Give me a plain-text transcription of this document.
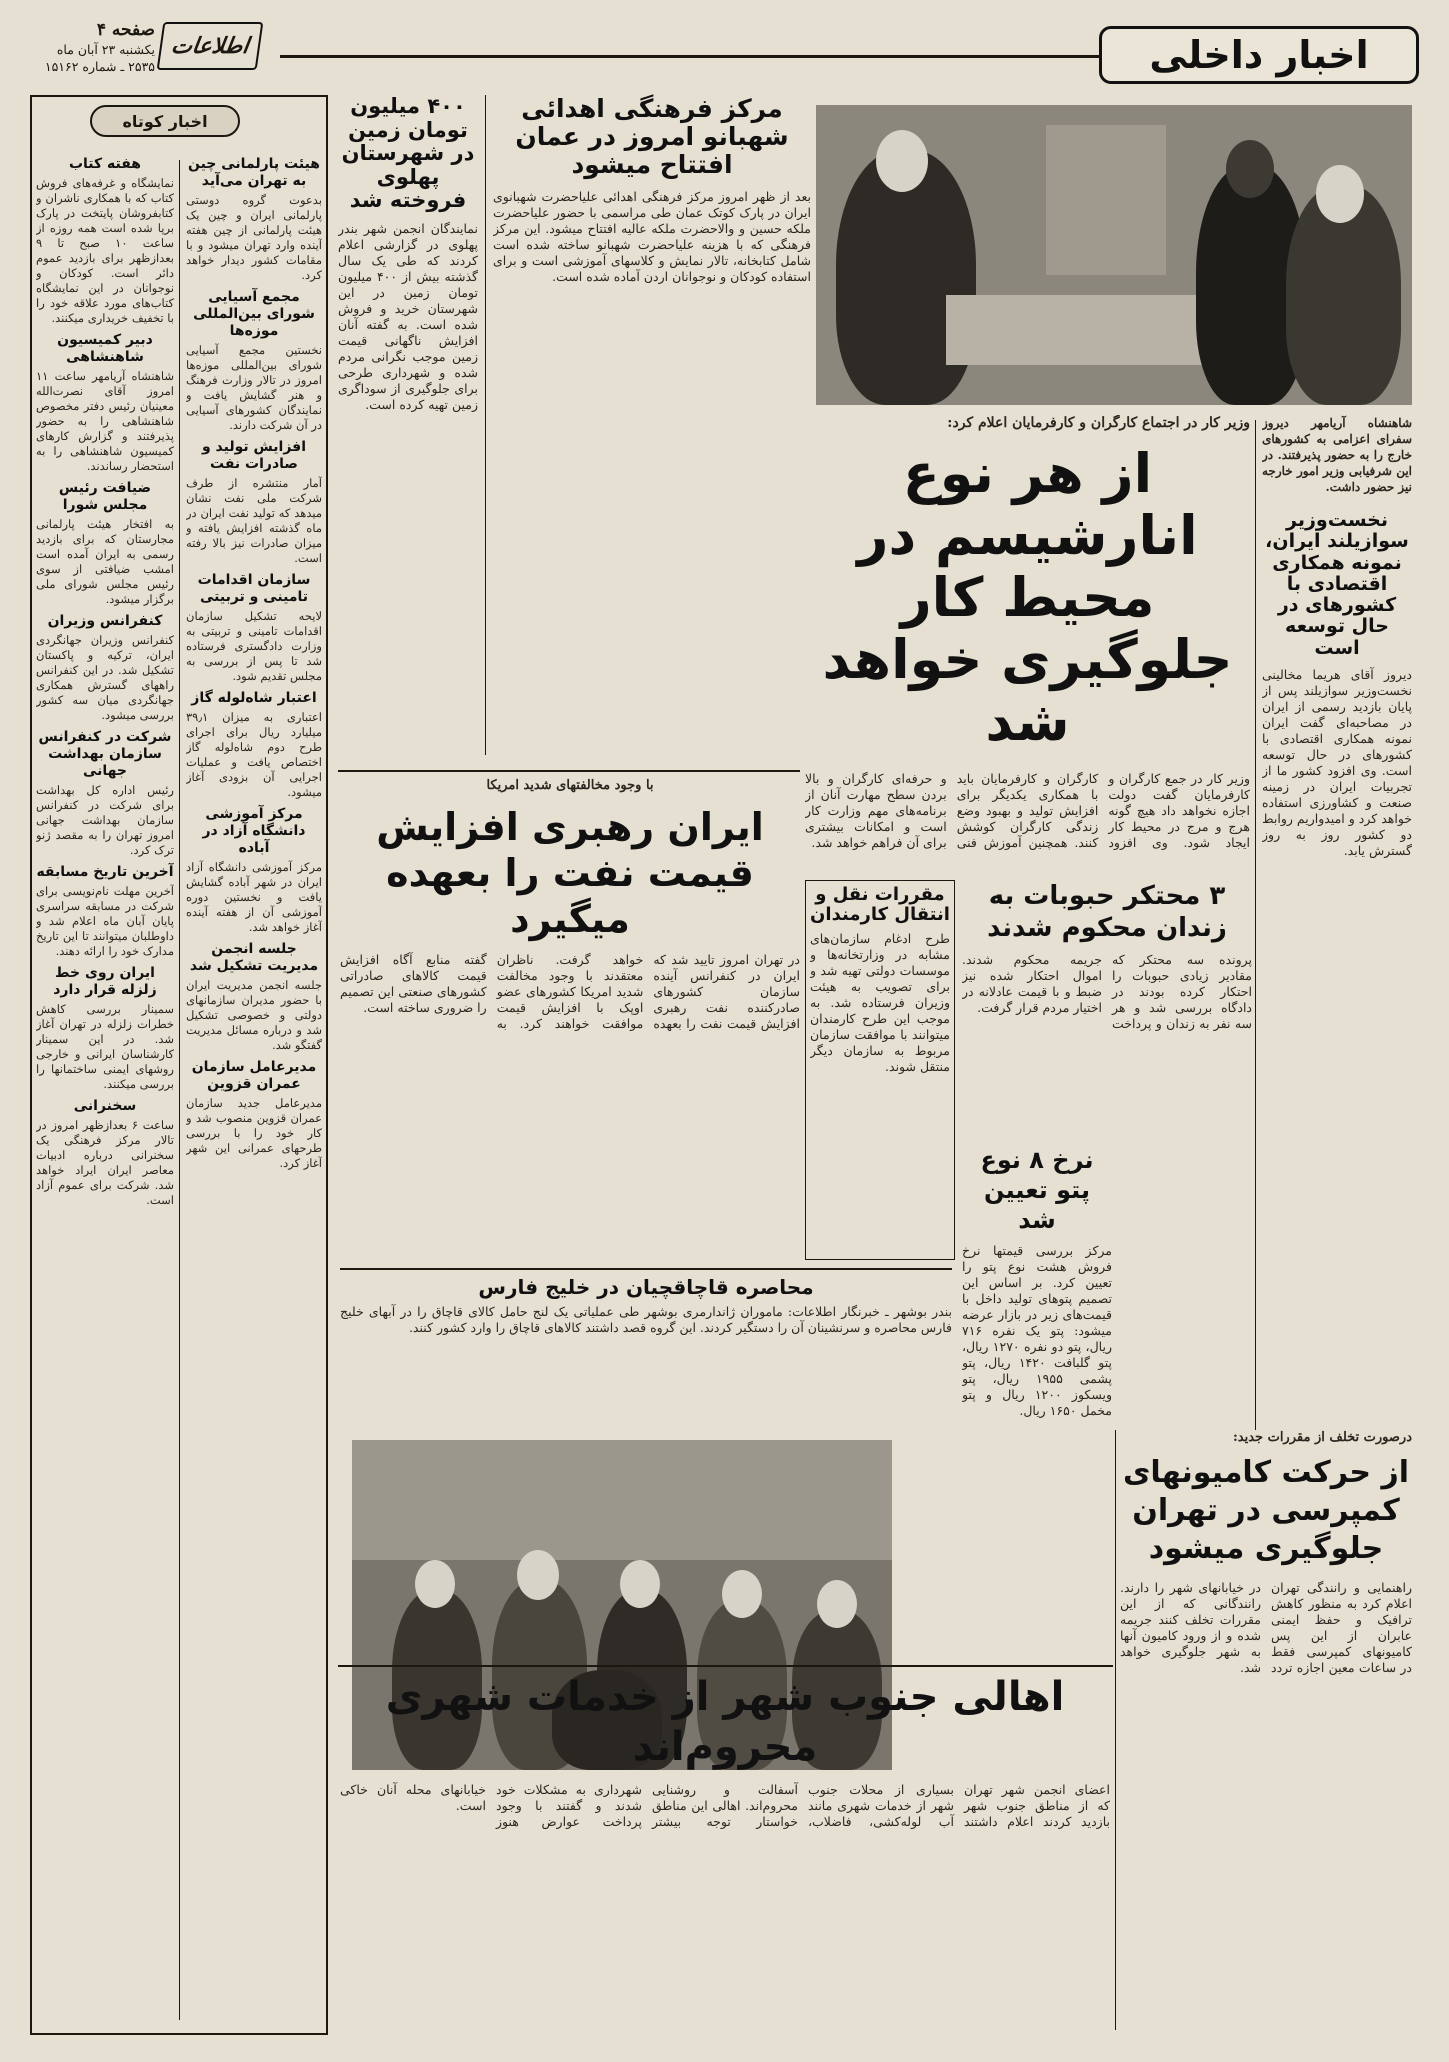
اخبار داخلی
اطلاعات
صفحه ۴
یکشنبه ۲۳ آبان ماه
۲۵۳۵ ـ شماره ۱۵۱۶۲
اخبار کوتاه
هیئت پارلمانی چین به تهران می‌آید
بدعوت گروه دوستی پارلمانی ایران و چین یک هیئت پارلمانی از چین هفته آینده وارد تهران میشود و با مقامات کشور دیدار خواهد کرد.
مجمع آسیایی شورای بین‌المللی موزه‌ها
نخستین مجمع آسیایی شورای بین‌المللی موزه‌ها امروز در تالار وزارت فرهنگ و هنر گشایش یافت و نمایندگان کشورهای آسیایی در آن شرکت دارند.
افزایش تولید و صادرات نفت
آمار منتشره از طرف شرکت ملی نفت نشان میدهد که تولید نفت ایران در ماه گذشته افزایش یافته و میزان صادرات نیز بالا رفته است.
سازمان اقدامات تامینی و تربیتی
لایحه تشکیل سازمان اقدامات تامینی و تربیتی به وزارت دادگستری فرستاده شد تا پس از بررسی به مجلس تقدیم شود.
اعتبار شاه‌لوله گاز
اعتباری به میزان ۳۹٫۱ میلیارد ریال برای اجرای طرح دوم شاه‌لوله گاز اختصاص یافت و عملیات اجرایی آن بزودی آغاز میشود.
مرکز آموزشی دانشگاه آزاد در آباده
مرکز آموزشی دانشگاه آزاد ایران در شهر آباده گشایش یافت و نخستین دوره آموزشی آن از هفته آینده آغاز خواهد شد.
جلسه انجمن مدیریت تشکیل شد
جلسه انجمن مدیریت ایران با حضور مدیران سازمانهای دولتی و خصوصی تشکیل شد و درباره مسائل مدیریت گفتگو شد.
مدیرعامل سازمان عمران قزوین
مدیرعامل جدید سازمان عمران قزوین منصوب شد و کار خود را با بررسی طرحهای عمرانی این شهر آغاز کرد.
هفته کتاب
نمایشگاه و غرفه‌های فروش کتاب که با همکاری ناشران و کتابفروشان پایتخت در پارک برپا شده است همه روزه از ساعت ۱۰ صبح تا ۹ بعدازظهر برای بازدید عموم دائر است. کودکان و نوجوانان در این نمایشگاه کتاب‌های مورد علاقه خود را با تخفیف خریداری میکنند.
دبیر کمیسیون شاهنشاهی
شاهنشاه آریامهر ساعت ۱۱ امروز آقای نصرت‌الله معینیان رئیس دفتر مخصوص شاهنشاهی را به حضور پذیرفتند و گزارش کارهای کمیسیون شاهنشاهی را به استحضار رساندند.
ضیافت رئیس مجلس شورا
به افتخار هیئت پارلمانی مجارستان که برای بازدید رسمی به ایران آمده است امشب ضیافتی از سوی رئیس مجلس شورای ملی برگزار میشود.
کنفرانس وزیران
کنفرانس وزیران جهانگردی ایران، ترکیه و پاکستان تشکیل شد. در این کنفرانس راههای گسترش همکاری جهانگردی میان سه کشور بررسی میشود.
شرکت در کنفرانس سازمان بهداشت جهانی
رئیس اداره کل بهداشت برای شرکت در کنفرانس سازمان بهداشت جهانی امروز تهران را به مقصد ژنو ترک کرد.
آخرین تاریخ مسابقه
آخرین مهلت نام‌نویسی برای شرکت در مسابقه سراسری پایان آبان ماه اعلام شد و داوطلبان میتوانند تا این تاریخ مدارک خود را ارائه دهند.
ایران روی خط زلزله قرار دارد
سمینار بررسی کاهش خطرات زلزله در تهران آغاز شد. در این سمینار کارشناسان ایرانی و خارجی روشهای ایمنی ساختمانها را بررسی میکنند.
سخنرانی
ساعت ۶ بعدازظهر امروز در تالار مرکز فرهنگی یک سخنرانی درباره ادبیات معاصر ایران ایراد خواهد شد. شرکت برای عموم آزاد است.
۴۰۰ میلیون تومان زمین در شهرستان پهلوی فروخته شد
نمایندگان انجمن شهر بندر پهلوی در گزارشی اعلام کردند که طی یک سال گذشته بیش از ۴۰۰ میلیون تومان زمین در این شهرستان خرید و فروش شده است. به گفته آنان افزایش ناگهانی قیمت زمین موجب نگرانی مردم شده و شهرداری طرحی برای جلوگیری از سوداگری زمین تهیه کرده است.
مرکز فرهنگی اهدائی شهبانو امروز در عمان افتتاح میشود
بعد از ظهر امروز مرکز فرهنگی اهدائی علیاحضرت شهبانوی ایران در پارک کوتک عمان طی مراسمی با حضور علیاحضرت ملکه حسین و والاحضرت ملکه عالیه افتتاح میشود. این مرکز فرهنگی که با هزینه علیاحضرت شهبانو ساخته شده است شامل کتابخانه، تالار نمایش و کلاسهای آموزشی است و برای استفاده کودکان و نوجوانان اردن آماده شده است.
شاهنشاه آریامهر دیروز سفرای اعزامی به کشورهای خارج را به حضور پذیرفتند. در این شرفیابی وزیر امور خارجه نیز حضور داشت.
نخست‌وزیر سوازیلند ایران، نمونه همکاری اقتصادی با کشورهای در حال توسعه است
دیروز آقای هریما مخالینی نخست‌وزیر سوازیلند پس از پایان بازدید رسمی از ایران در مصاحبه‌ای گفت ایران نمونه همکاری اقتصادی با کشورهای در حال توسعه است. وی افزود کشور ما از تجربیات ایران در زمینه صنعت و کشاورزی استفاده خواهد کرد و امیدواریم روابط دو کشور روز به روز گسترش یابد.
وزیر کار در اجتماع کارگران و کارفرمایان اعلام کرد:
از هر نوع انارشیسم در محیط کار جلوگیری خواهد شد
وزیر کار در جمع کارگران و کارفرمایان گفت دولت اجازه نخواهد داد هیچ گونه هرج و مرج در محیط کار ایجاد شود. وی افزود کارگران و کارفرمایان باید با همکاری یکدیگر برای افزایش تولید و بهبود وضع زندگی کارگران کوشش کنند. همچنین آموزش فنی و حرفه‌ای کارگران و بالا بردن سطح مهارت آنان از برنامه‌های مهم وزارت کار است و امکانات بیشتری برای آن فراهم خواهد شد.
با وجود مخالفتهای شدید امریکا
ایران رهبری افزایش قیمت نفت را بعهده میگیرد
در تهران امروز تایید شد که ایران در کنفرانس آینده سازمان کشورهای صادرکننده نفت رهبری افزایش قیمت نفت را بعهده خواهد گرفت. ناظران معتقدند با وجود مخالفت شدید امریکا کشورهای عضو اوپک با افزایش قیمت موافقت خواهند کرد. به گفته منابع آگاه افزایش قیمت کالاهای صادراتی کشورهای صنعتی این تصمیم را ضروری ساخته است.
مقررات نقل و انتقال کارمندان
طرح ادغام سازمان‌های مشابه در وزارتخانه‌ها و موسسات دولتی تهیه شد و برای تصویب به هیئت وزیران فرستاده شد. به موجب این طرح کارمندان میتوانند با موافقت سازمان مربوط به سازمان دیگر منتقل شوند.
۳ محتکر حبوبات به زندان محکوم شدند
پرونده سه محتکر که مقادیر زیادی حبوبات را احتکار کرده بودند در دادگاه بررسی شد و هر سه نفر به زندان و پرداخت جریمه محکوم شدند. اموال احتکار شده نیز ضبط و با قیمت عادلانه در اختیار مردم قرار گرفت.
نرخ ۸ نوع پتو تعیین شد
مرکز بررسی قیمتها نرخ فروش هشت نوع پتو را تعیین کرد. بر اساس این تصمیم پتوهای تولید داخل با قیمت‌های زیر در بازار عرضه میشود: پتو یک نفره ۷۱۶ ریال، پتو دو نفره ۱۲۷۰ ریال، پتو گلبافت ۱۴۲۰ ریال، پتو پشمی ۱۹۵۵ ریال، پتو ویسکوز ۱۲۰۰ ریال و پتو مخمل ۱۶۵۰ ریال.
محاصره قاچاقچیان در خلیج فارس
بندر بوشهر ـ خبرنگار اطلاعات: ماموران ژاندارمری بوشهر طی عملیاتی یک لنج حامل کالای قاچاق را در آبهای خلیج فارس محاصره و سرنشینان آن را دستگیر کردند. این گروه قصد داشتند کالاهای قاچاق را وارد کشور کنند.
درصورت تخلف از مقررات جدید:
از حرکت کامیونهای کمپرسی در تهران جلوگیری میشود
راهنمایی و رانندگی تهران اعلام کرد به منظور کاهش ترافیک و حفظ ایمنی عابران از این پس کامیونهای کمپرسی فقط در ساعات معین اجازه تردد در خیابانهای شهر را دارند. رانندگانی که از این مقررات تخلف کنند جریمه شده و از ورود کامیون آنها به شهر جلوگیری خواهد شد.
اهالی جنوب شهر از خدمات شهری محروم‌اند
اعضای انجمن شهر تهران که از مناطق جنوب شهر بازدید کردند اعلام داشتند بسیاری از محلات جنوب شهر از خدمات شهری مانند آب لوله‌کشی، فاضلاب، آسفالت و روشنایی محروم‌اند. اهالی این مناطق خواستار توجه بیشتر شهرداری به مشکلات خود شدند و گفتند با وجود پرداخت عوارض هنوز خیابانهای محله آنان خاکی است.
